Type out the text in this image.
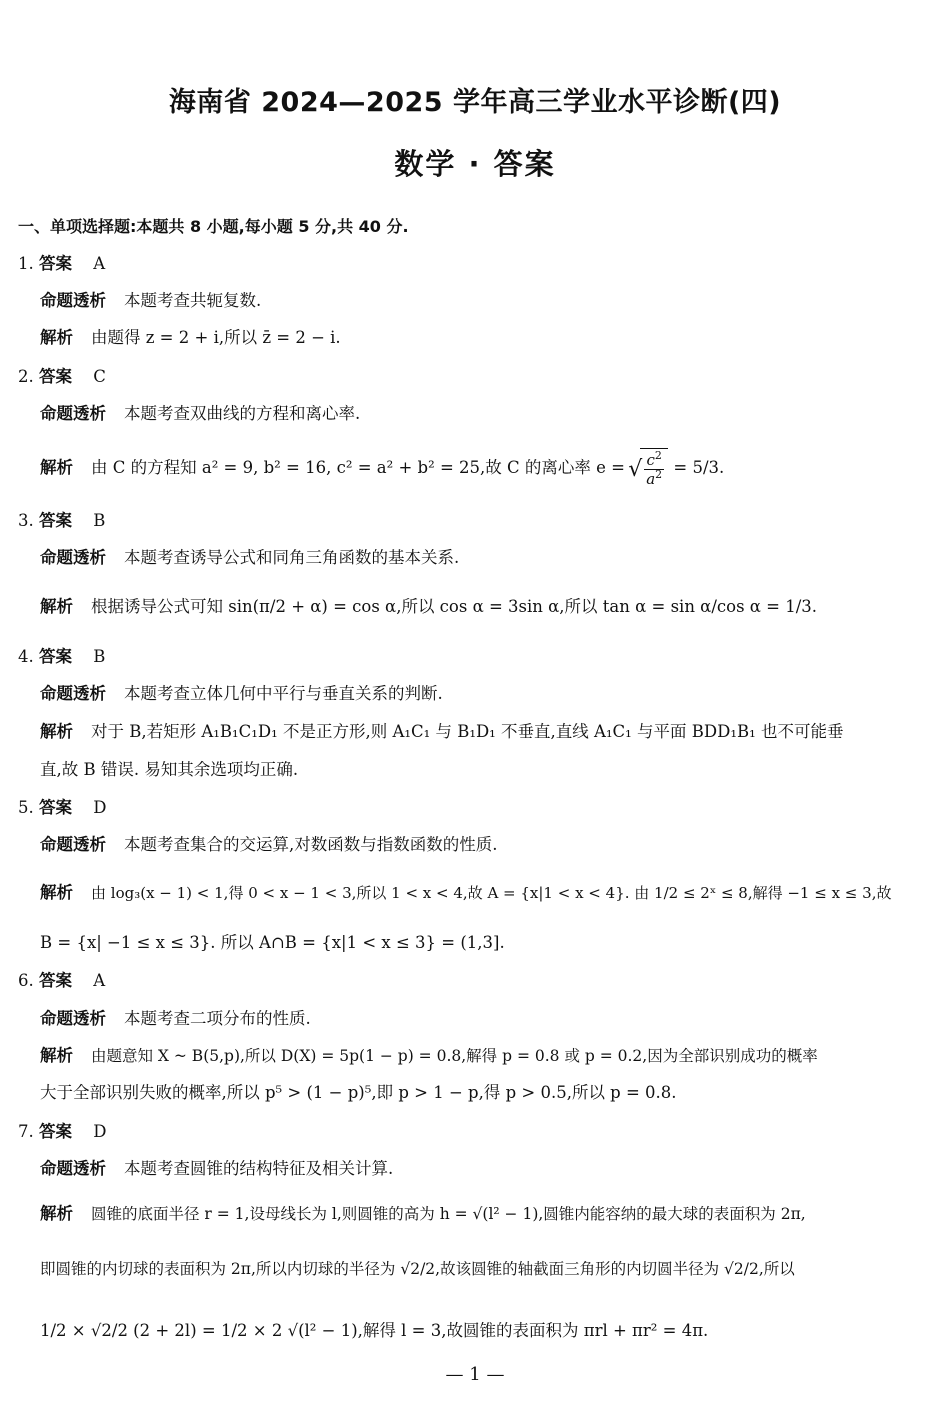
海南省 2024—2025 学年高三学业水平诊断(四)
数学 · 答案
一、单项选择题:本题共 8 小题,每小题 5 分,共 40 分.
1. 答案 A
命题透析 本题考查共轭复数.
解析 由题得 z = 2 + i,所以 z̄ = 2 − i.
2. 答案 C
命题透析 本题考查双曲线的方程和离心率.
解析 由 C 的方程知 a² = 9, b² = 16, c² = a² + b² = 25,故 C 的离心率 e =
√ $\frac{c^2}{a^2} = 5/3$.
3. 答案 B
命题透析 本题考查诱导公式和同角三角函数的基本关系.
解析 根据诱导公式可知 sin(π/2 + α) = cos α,所以 cos α = 3sin α,所以 tan α = sin α/cos α = 1/3.
4. 答案 B
命题透析 本题考查立体几何中平行与垂直关系的判断.
解析 对于 B,若矩形 A₁B₁C₁D₁ 不是正方形,则 A₁C₁ 与 B₁D₁ 不垂直,直线 A₁C₁ 与平面 BDD₁B₁ 也不可能垂
直,故 B 错误. 易知其余选项均正确.
5. 答案 D
命题透析 本题考查集合的交运算,对数函数与指数函数的性质.
解析 由 log₃(x − 1) < 1,得 0 < x − 1 < 3,所以 1 < x < 4,故 A = {x|1 < x < 4}. 由 1/2 ≤ 2ˣ ≤ 8,解得 −1 ≤ x ≤ 3,故
B = {x| −1 ≤ x ≤ 3}. 所以 A∩B = {x|1 < x ≤ 3} = (1,3].
6. 答案 A
命题透析 本题考查二项分布的性质.
解析 由题意知 X ~ B(5,p),所以 D(X) = 5p(1 − p) = 0.8,解得 p = 0.8 或 p = 0.2,因为全部识别成功的概率
大于全部识别失败的概率,所以 p⁵ > (1 − p)⁵,即 p > 1 − p,得 p > 0.5,所以 p = 0.8.
7. 答案 D
命题透析 本题考查圆锥的结构特征及相关计算.
解析 圆锥的底面半径 r = 1,设母线长为 l,则圆锥的高为 h = √(l² − 1),圆锥内能容纳的最大球的表面积为 2π,
即圆锥的内切球的表面积为 2π,所以内切球的半径为 √2/2,故该圆锥的轴截面三角形的内切圆半径为 √2/2,所以
1/2 × √2/2 (2 + 2l) = 1/2 × 2 √(l² − 1),解得 l = 3,故圆锥的表面积为 πrl + πr² = 4π.
— 1 —
